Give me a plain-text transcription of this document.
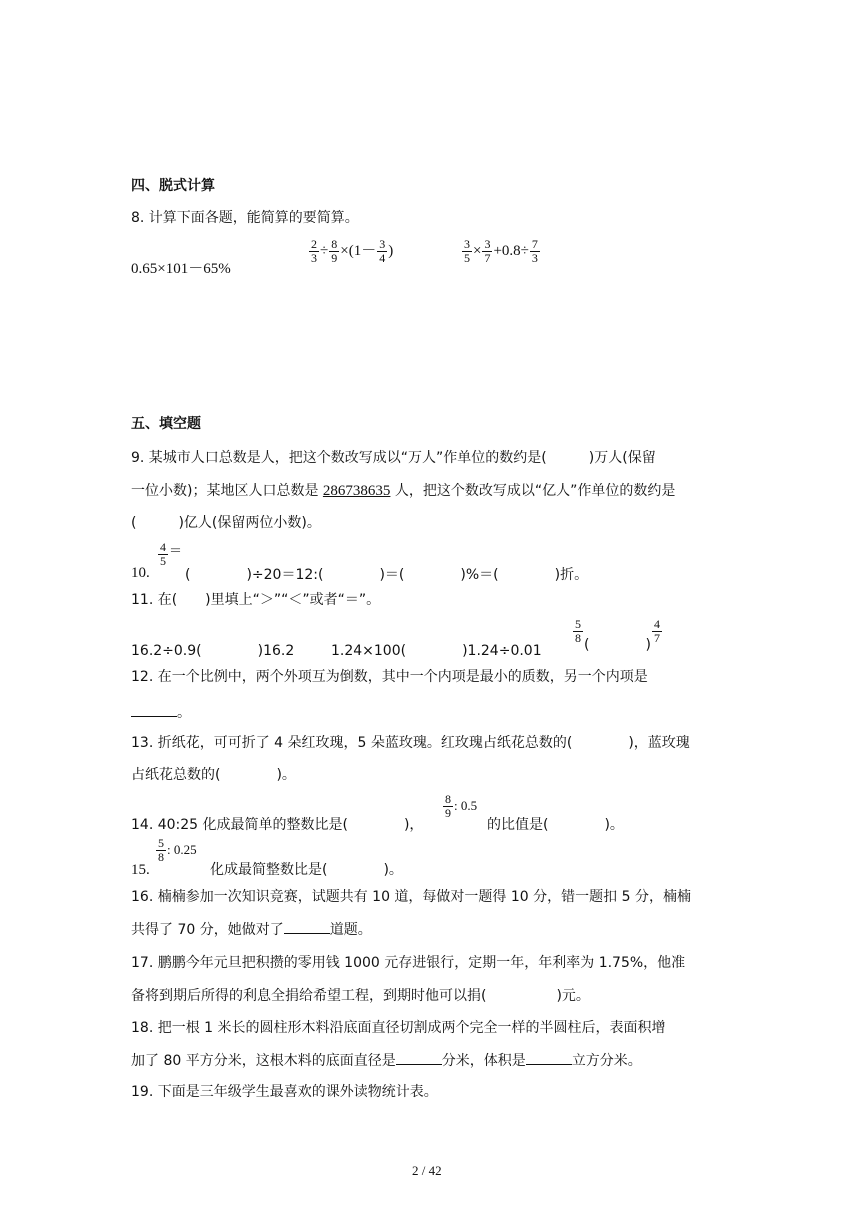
四、脱式计算
8. 计算下面各题，能简算的要简算。
0.65×101－65%
$\frac{2}{3} \div \frac{8}{9} \times(1- \frac{3}{4}$ )	$\frac{3}{5} \times \frac{3}{7} +0.8\div \frac{7}{3}$
五、填空题
9. 某城市人口总数是人，把这个数改写成以“万人”作单位的数约是(　　　)万人(保留
一位小数)；某地区人口总数是 286738635 人，把这个数改写成以“亿人”作单位的数约是
(　　　)亿人(保留两位小数)。
10.
$\frac{4}{5}$ ＝
(　　　　)÷20＝12:(　　　　)＝(　　　　)%＝(　　　　)折。
11. 在(　　)里填上“＞”“＜”或者“＝”。
16.2÷0.9(　　　　)16.2	1.24×100(　　　　)1.24÷0.01
$\frac{5}{8}$ (　　　　) $\frac{4}{7}$
12. 在一个比例中，两个外项互为倒数，其中一个内项是最小的质数，另一个内项是
。
13. 折纸花，可可折了 4 朵红玫瑰，5 朵蓝玫瑰。红玫瑰占纸花总数的(　　　　)，蓝玫瑰
占纸花总数的(　　　　)。
14. 40:25 化成最简单的整数比是(　　　　)，
$\frac{8}{9}$ : 0.5
的比值是(　　　　)。
15.
$\frac{5}{8}$ : 0.25
化成最简整数比是(　　　　)。
16. 楠楠参加一次知识竞赛，试题共有 10 道，每做对一题得 10 分，错一题扣 5 分，楠楠
共得了 70 分，她做对了	道题。
17. 鹏鹏今年元旦把积攒的零用钱 1000 元存进银行，定期一年，年利率为 1.75%，他准
备将到期后所得的利息全捐给希望工程，到期时他可以捐(　　　　　)元。
18. 把一根 1 米长的圆柱形木料沿底面直径切割成两个完全一样的半圆柱后，表面积增
加了 80 平方分米，这根木料的底面直径是	分米，体积是	立方分米。
19. 下面是三年级学生最喜欢的课外读物统计表。
2 / 42
